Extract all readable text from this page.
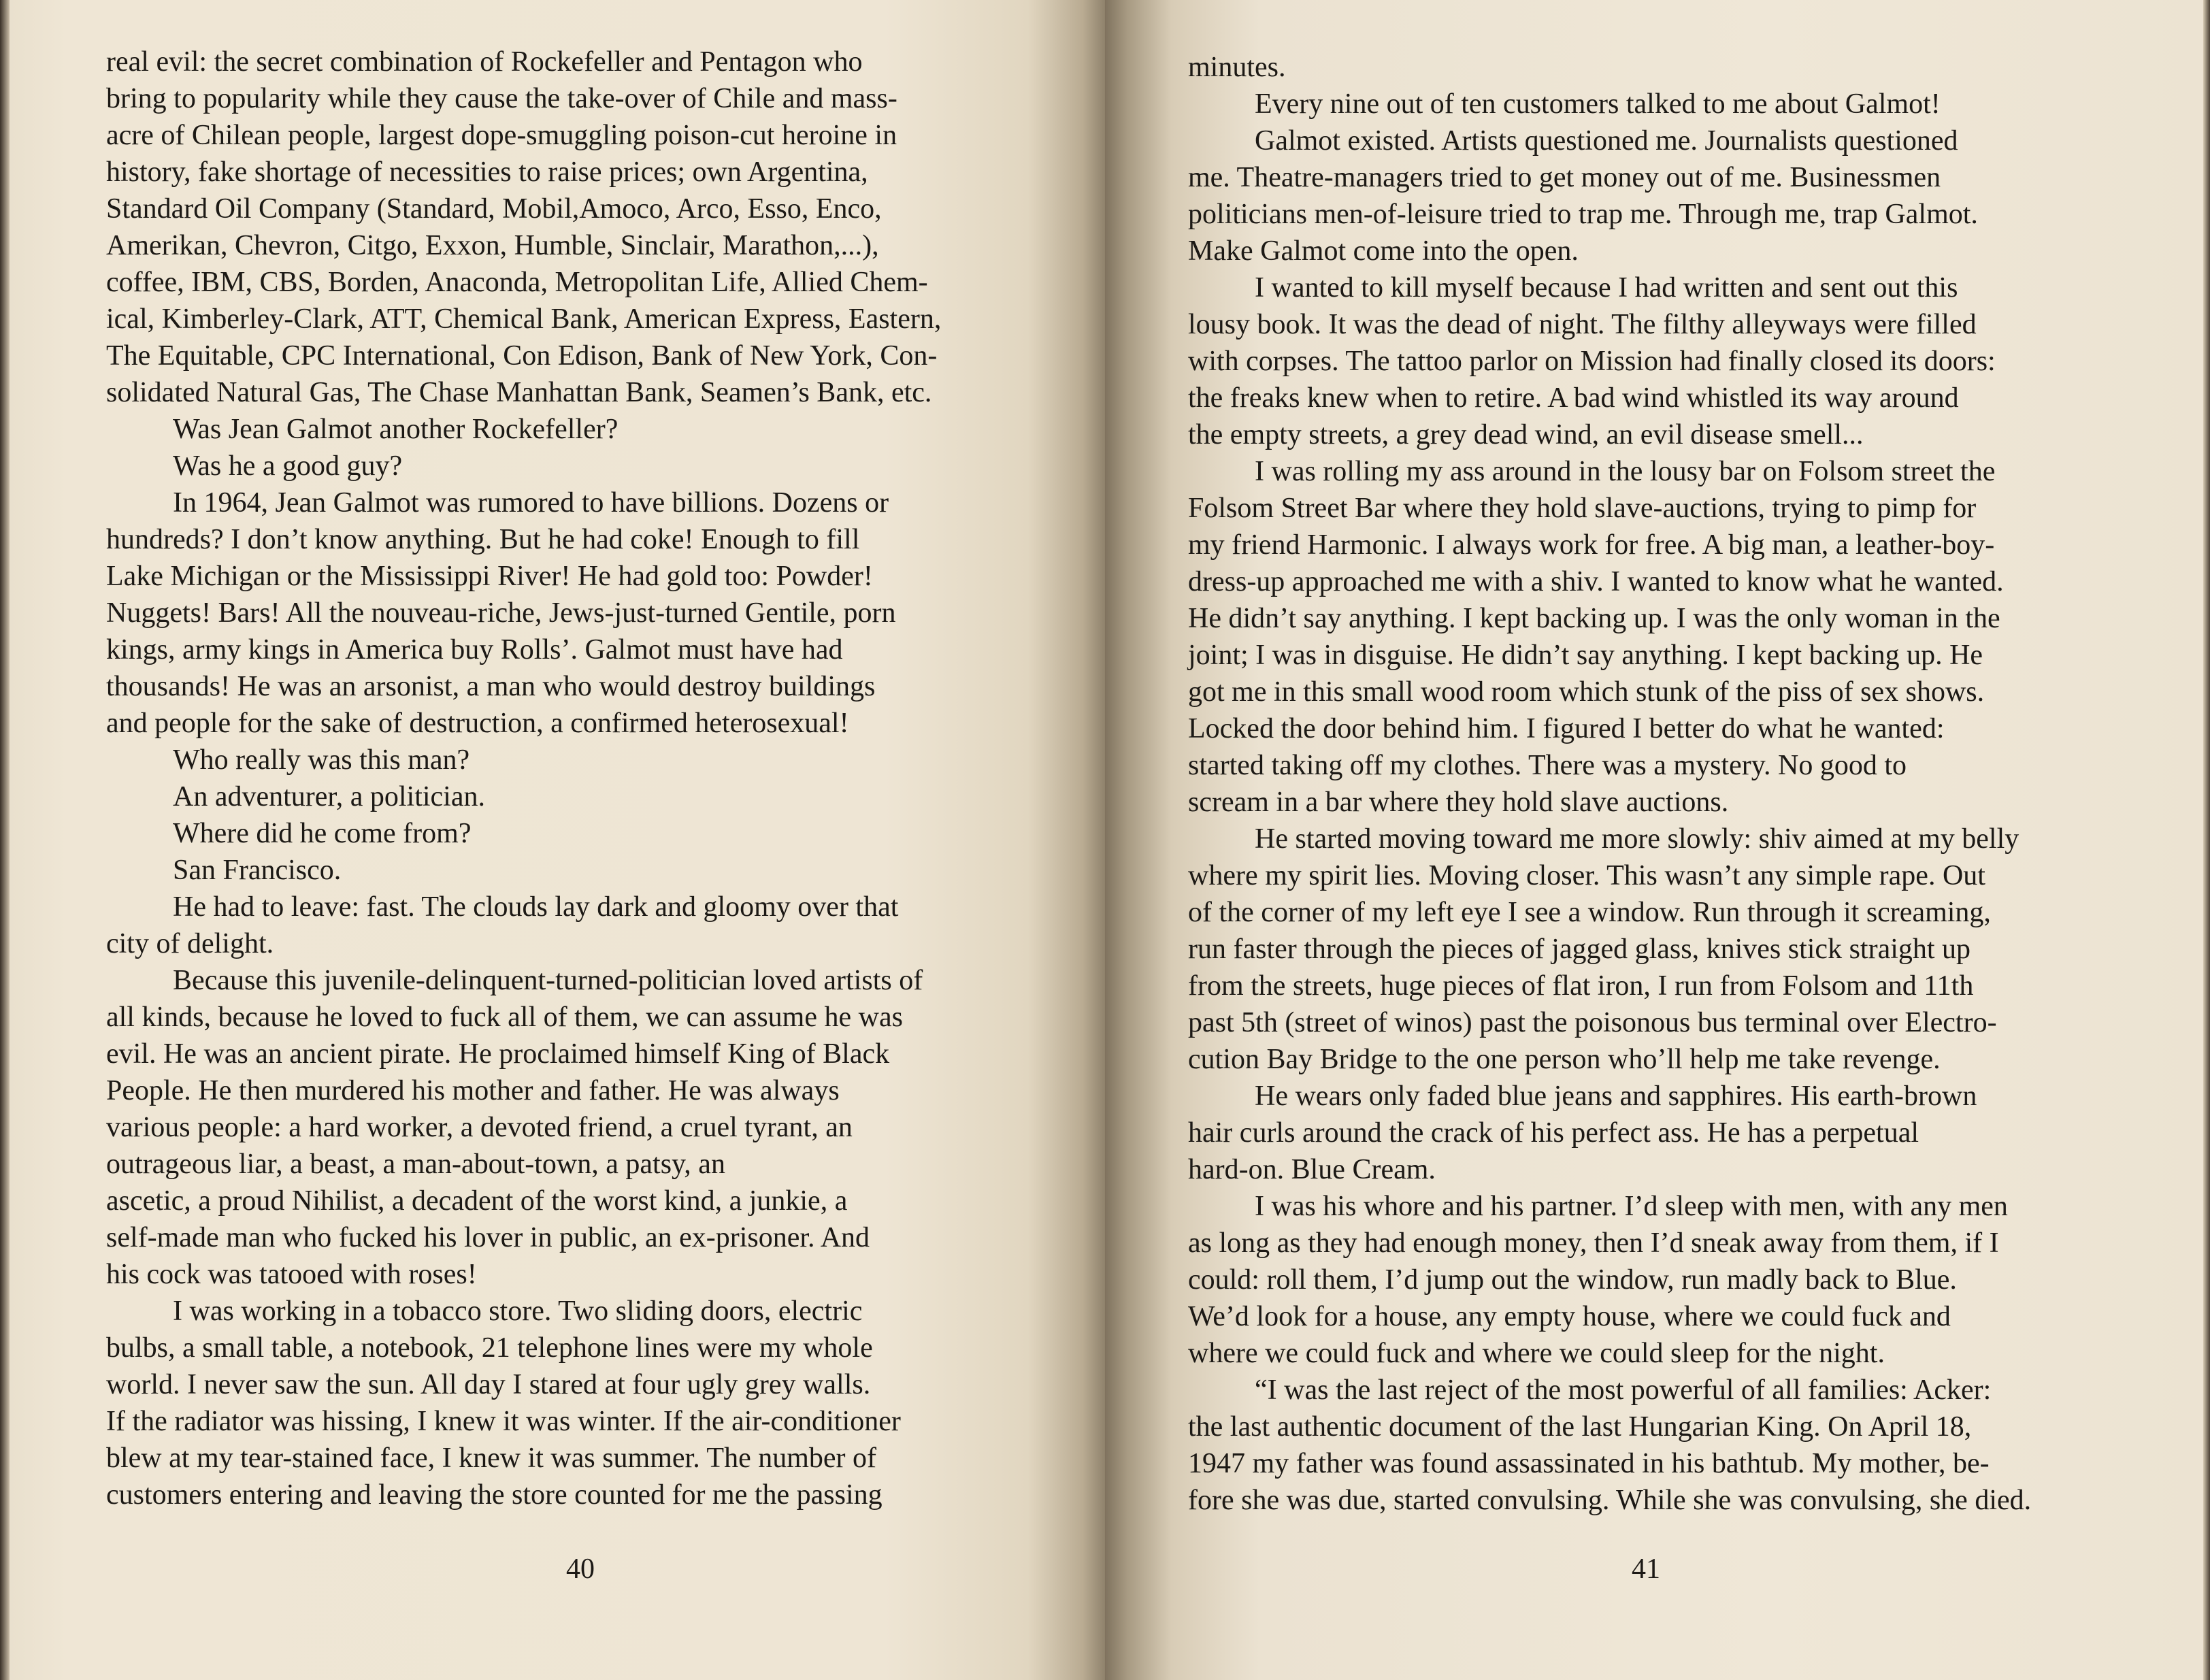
real evil: the secret combination of Rockefeller and Pentagon who
bring to popularity while they cause the take-over of Chile and mass-
acre of Chilean people, largest dope-smuggling poison-cut heroine in
history, fake shortage of necessities to raise prices; own Argentina,
Standard Oil Company (Standard, Mobil,Amoco, Arco, Esso, Enco,
Amerikan, Chevron, Citgo, Exxon, Humble, Sinclair, Marathon,...),
coffee, IBM, CBS, Borden, Anaconda, Metropolitan Life, Allied Chem-
ical, Kimberley-Clark, ATT, Chemical Bank, American Express, Eastern,
The Equitable, CPC International, Con Edison, Bank of New York, Con-
solidated Natural Gas, The Chase Manhattan Bank, Seamen’s Bank, etc.
Was Jean Galmot another Rockefeller?
Was he a good guy?
In 1964, Jean Galmot was rumored to have billions. Dozens or
hundreds? I don’t know anything. But he had coke! Enough to fill
Lake Michigan or the Mississippi River! He had gold too: Powder!
Nuggets! Bars! All the nouveau-riche, Jews-just-turned Gentile, porn
kings, army kings in America buy Rolls’. Galmot must have had
thousands! He was an arsonist, a man who would destroy buildings
and people for the sake of destruction, a confirmed heterosexual!
Who really was this man?
An adventurer, a politician.
Where did he come from?
San Francisco.
He had to leave: fast. The clouds lay dark and gloomy over that
city of delight.
Because this juvenile-delinquent-turned-politician loved artists of
all kinds, because he loved to fuck all of them, we can assume he was
evil. He was an ancient pirate. He proclaimed himself King of Black
People. He then murdered his mother and father. He was always
various people: a hard worker, a devoted friend, a cruel tyrant, an
outrageous liar, a beast, a man-about-town, a patsy, an
ascetic, a proud Nihilist, a decadent of the worst kind, a junkie, a
self-made man who fucked his lover in public, an ex-prisoner. And
his cock was tatooed with roses!
I was working in a tobacco store. Two sliding doors, electric
bulbs, a small table, a notebook, 21 telephone lines were my whole
world. I never saw the sun. All day I stared at four ugly grey walls.
If the radiator was hissing, I knew it was winter. If the air-conditioner
blew at my tear-stained face, I knew it was summer. The number of
customers entering and leaving the store counted for me the passing
40
minutes.
Every nine out of ten customers talked to me about Galmot!
Galmot existed. Artists questioned me. Journalists questioned
me. Theatre-managers tried to get money out of me. Businessmen
politicians men-of-leisure tried to trap me. Through me, trap Galmot.
Make Galmot come into the open.
I wanted to kill myself because I had written and sent out this
lousy book. It was the dead of night. The filthy alleyways were filled
with corpses. The tattoo parlor on Mission had finally closed its doors:
the freaks knew when to retire. A bad wind whistled its way around
the empty streets, a grey dead wind, an evil disease smell...
I was rolling my ass around in the lousy bar on Folsom street the
Folsom Street Bar where they hold slave-auctions, trying to pimp for
my friend Harmonic. I always work for free. A big man, a leather-boy-
dress-up approached me with a shiv. I wanted to know what he wanted.
He didn’t say anything. I kept backing up. I was the only woman in the
joint; I was in disguise. He didn’t say anything. I kept backing up. He
got me in this small wood room which stunk of the piss of sex shows.
Locked the door behind him. I figured I better do what he wanted:
started taking off my clothes. There was a mystery. No good to
scream in a bar where they hold slave auctions.
He started moving toward me more slowly: shiv aimed at my belly
where my spirit lies. Moving closer. This wasn’t any simple rape. Out
of the corner of my left eye I see a window. Run through it screaming,
run faster through the pieces of jagged glass, knives stick straight up
from the streets, huge pieces of flat iron, I run from Folsom and 11th
past 5th (street of winos) past the poisonous bus terminal over Electro-
cution Bay Bridge to the one person who’ll help me take revenge.
He wears only faded blue jeans and sapphires. His earth-brown
hair curls around the crack of his perfect ass. He has a perpetual
hard-on. Blue Cream.
I was his whore and his partner. I’d sleep with men, with any men
as long as they had enough money, then I’d sneak away from them, if I
could: roll them, I’d jump out the window, run madly back to Blue.
We’d look for a house, any empty house, where we could fuck and
where we could fuck and where we could sleep for the night.
“I was the last reject of the most powerful of all families: Acker:
the last authentic document of the last Hungarian King. On April 18,
1947 my father was found assassinated in his bathtub. My mother, be-
fore she was due, started convulsing. While she was convulsing, she died.
41
